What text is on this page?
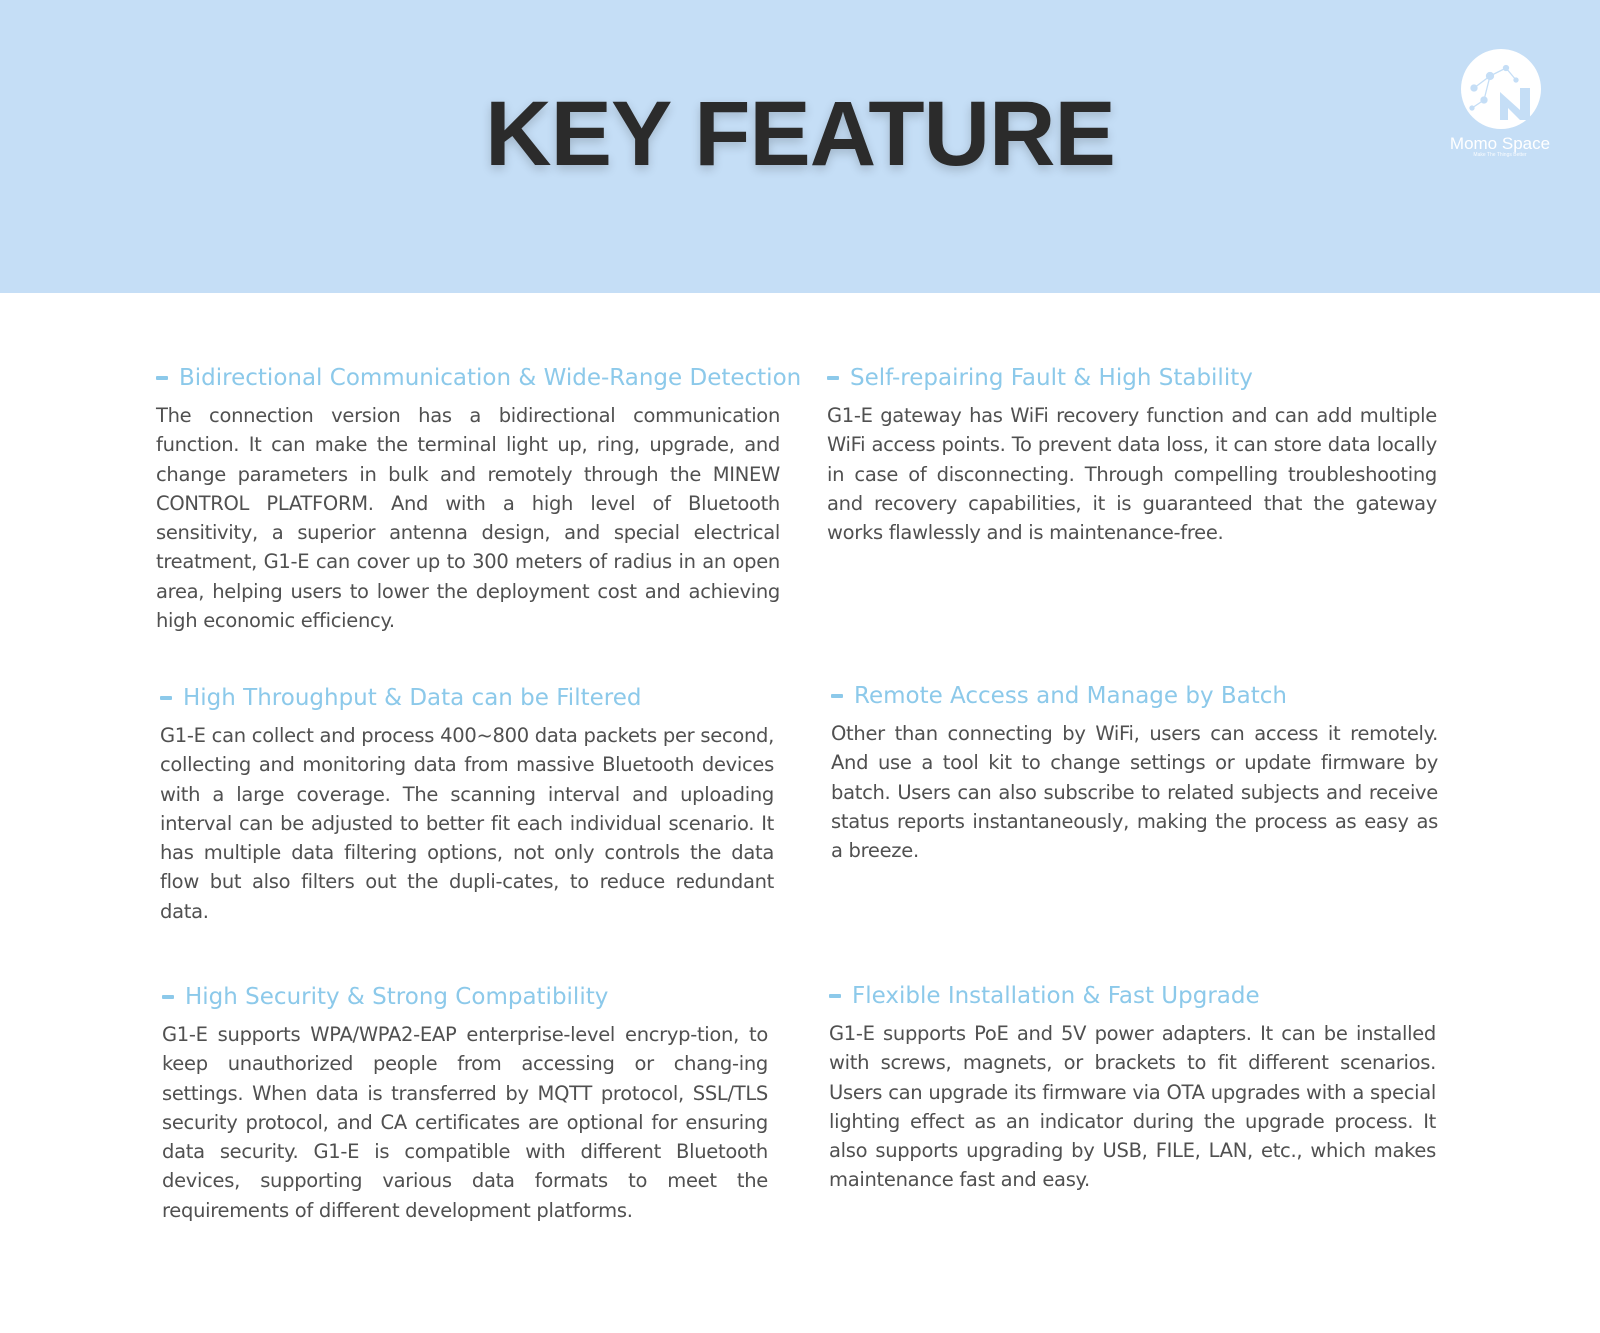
KEY FEATURE	Momo Space
Make The Things Better
Bidirectional Communication & Wide-Range Detection

The connection version has a bidirectional communication function. It can make the terminal light up, ring, upgrade, and change parameters in bulk and remotely through the MINEW CONTROL PLATFORM. And with a high level of Bluetooth sensitivity, a superior antenna design, and special electrical treatment, G1-E can cover up to 300 meters of radius in an open area, helping users to lower the deployment cost and achieving high economic efficiency.

Self-repairing Fault & High Stability

G1-E gateway has WiFi recovery function and can add multiple WiFi access points. To prevent data loss, it can store data locally in case of disconnecting. Through compelling troubleshooting and recovery capabilities, it is guaranteed that the gateway works flawlessly and is maintenance-free.

High Throughput & Data can be Filtered

G1-E can collect and process 400~800 data packets per second, collecting and monitoring data from massive Bluetooth devices with a large coverage. The scanning interval and uploading interval can be adjusted to better fit each individual scenario. It has multiple data filtering options, not only controls the data flow but also filters out the dupli-cates, to reduce redundant data.

Remote Access and Manage by Batch

Other than connecting by WiFi, users can access it remotely. And use a tool kit to change settings or update firmware by batch. Users can also subscribe to related subjects and receive status reports instantaneously, making the process as easy as a breeze.

High Security & Strong Compatibility

G1-E supports WPA/WPA2-EAP enterprise-level encryp-tion, to keep unauthorized people from accessing or chang-ing settings. When data is transferred by MQTT protocol, SSL/TLS security protocol, and CA certificates are optional for ensuring data security. G1-E is compatible with different Bluetooth devices, supporting various data formats to meet the requirements of different development platforms.

Flexible Installation & Fast Upgrade

G1-E supports PoE and 5V power adapters. It can be installed with screws, magnets, or brackets to fit different scenarios. Users can upgrade its firmware via OTA upgrades with a special lighting effect as an indicator during the upgrade process. It also supports upgrading by USB, FILE, LAN, etc., which makes maintenance fast and easy.
